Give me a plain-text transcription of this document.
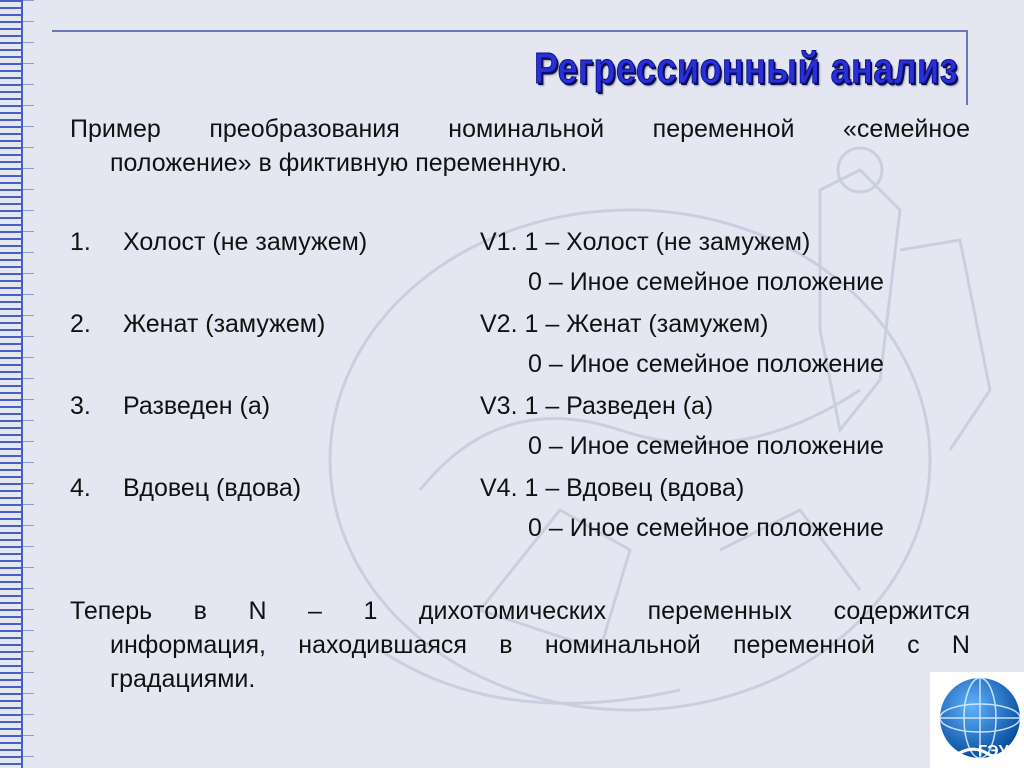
Регрессионный анализ
Пример преобразования номинальной переменной «семейное
положение» в фиктивную переменную.
1. Холост (не замужем)	V1. 1 – Холост (не замужем)
0 – Иное семейное положение
2. Женат (замужем)	V2. 1 – Женат (замужем)
0 – Иное семейное положение
3. Разведен (а)	V3. 1 – Разведен (а)
0 – Иное семейное положение
4. Вдовец (вдова)	V4. 1 – Вдовец (вдова)
0 – Иное семейное положение
Теперь в N – 1 дихотомических переменных содержится
информация, находившаяся в номинальной переменной с N
градациями.
ГЭУ
